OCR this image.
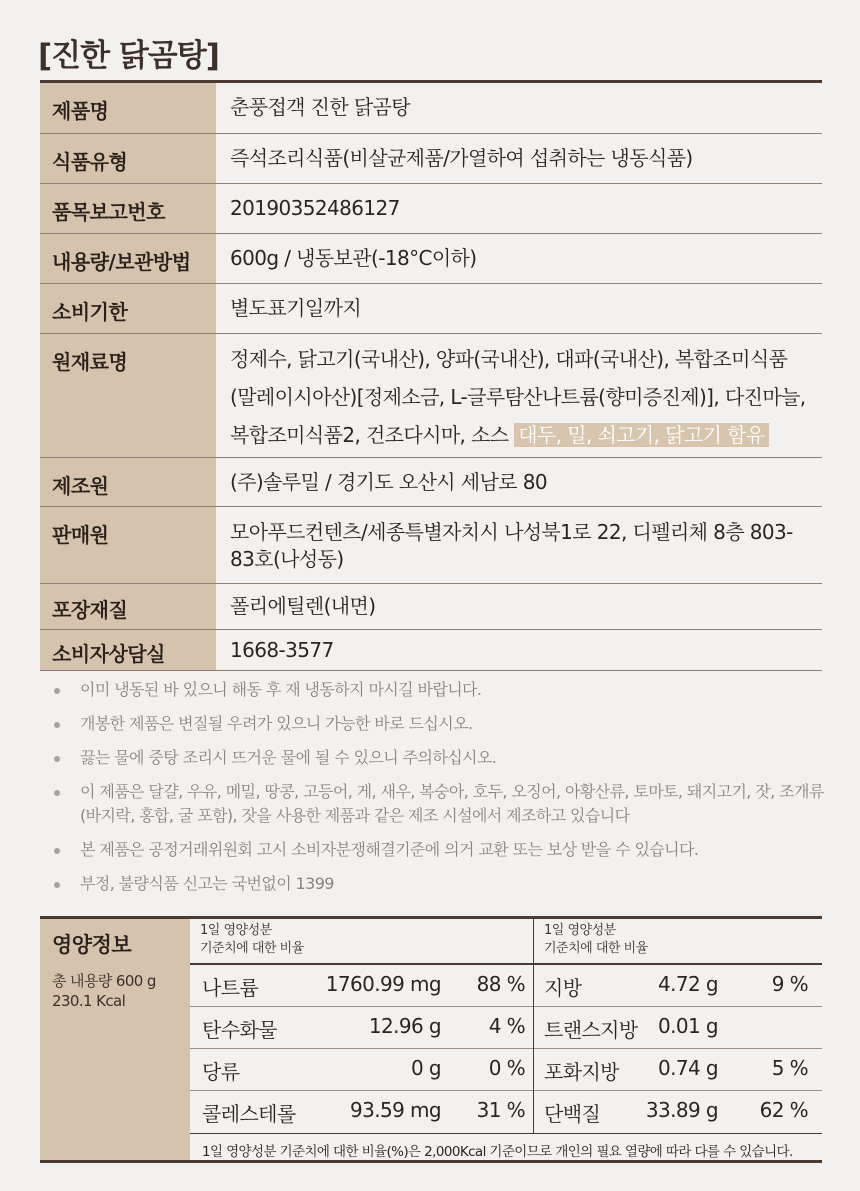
[진한 닭곰탕]
제품명	춘풍접객 진한 닭곰탕
식품유형	즉석조리식품(비살균제품/가열하여 섭취하는 냉동식품)
품목보고번호	20190352486127
내용량/보관방법	600g / 냉동보관(-18°C이하)
소비기한	별도표기일까지
원재료명	정제수, 닭고기(국내산), 양파(국내산), 대파(국내산), 복합조미식품 (말레이시아산)[정제소금, L-글루탐산나트륨(향미증진제)], 다진마늘, 복합조미식품2, 건조다시마, 소스 대두, 밀, 쇠고기, 닭고기 함유
제조원	(주)솔루밀 / 경기도 오산시 세남로 80
판매원	모아푸드컨텐츠/세종특별자치시 나성북1로 22, 디펠리체 8층 803-83호(나성동)
포장재질	폴리에틸렌(내면)
소비자상담실	1668-3577
이미 냉동된 바 있으니 해동 후 재 냉동하지 마시길 바랍니다.
개봉한 제품은 변질될 우려가 있으니 가능한 바로 드십시오.
끓는 물에 중탕 조리시 뜨거운 물에 될 수 있으니 주의하십시오.
이 제품은 달걀, 우유, 메밀, 땅콩, 고등어, 게, 새우, 복숭아, 호두, 오징어, 아황산류, 토마토, 돼지고기, 잣, 조개류(바지락, 홍합, 굴 포함), 잣을 사용한 제품과 같은 제조 시설에서 제조하고 있습니다
본 제품은 공정거래위원회 고시 소비자분쟁해결기준에 의거 교환 또는 보상 받을 수 있습니다.
부정, 불량식품 신고는 국번없이 1399
영양정보
총 내용량 600 g
230.1 Kcal
1일 영양성분
기준치에 대한 비율
나트륨	1760.99 mg 88 %
탄수화물	12.96 g 4 %
당류	0 g 0 %
콜레스테롤	93.59 mg 31 %
1일 영양성분
기준치에 대한 비율
지방	4.72 g	9 %
트랜스지방 0.01 g
포화지방 0.74 g	5 %
단백질 33.89 g 62 %
1일 영양성분 기준치에 대한 비율(%)은 2,000Kcal 기준이므로 개인의 필요 열량에 따라 다를 수 있습니다.
